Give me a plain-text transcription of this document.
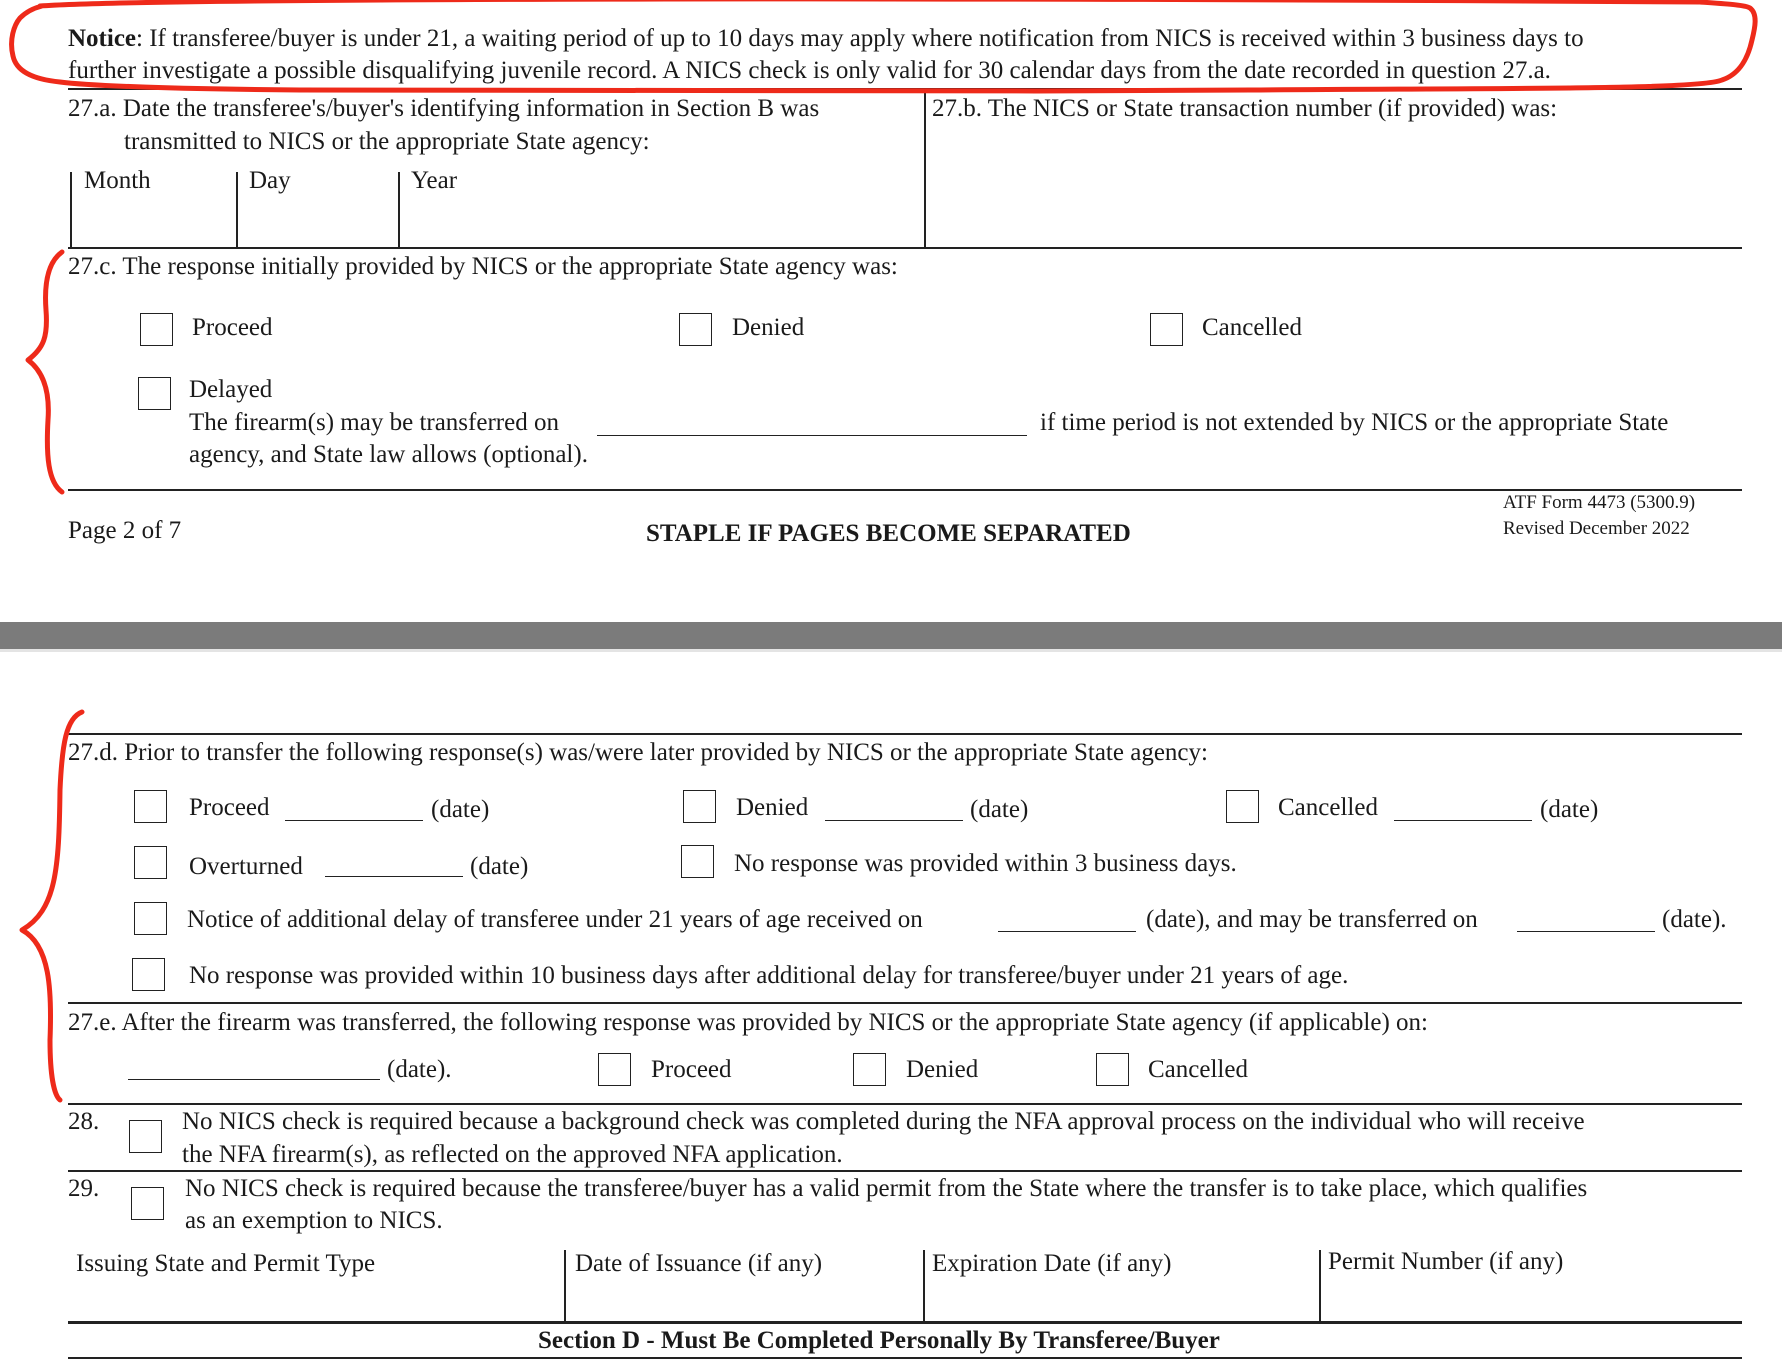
Notice: If transferee/buyer is under 21, a waiting period of up to 10 days may apply where notification from NICS is received within 3 business days to
further investigate a possible disqualifying juvenile record. A NICS check is only valid for 30 calendar days from the date recorded in question 27.a.
27.a. Date the transferee's/buyer's identifying information in Section B was
transmitted to NICS or the appropriate State agency:
27.b. The NICS or State transaction number (if provided) was:
Month	Day	Year
27.c. The response initially provided by NICS or the appropriate State agency was:
Proceed	Denied	Cancelled
Delayed
The firearm(s) may be transferred on	if time period is not extended by NICS or the appropriate State
agency, and State law allows (optional).
Page 2 of 7	STAPLE IF PAGES BECOME SEPARATED
ATF Form 4473 (5300.9)
Revised December 2022
27.d. Prior to transfer the following response(s) was/were later provided by NICS or the appropriate State agency:
Proceed	(date)	Denied	(date)	Cancelled	(date)
Overturned	(date)	No response was provided within 3 business days.
Notice of additional delay of transferee under 21 years of age received on	(date), and may be transferred on	(date).
No response was provided within 10 business days after additional delay for transferee/buyer under 21 years of age.
27.e. After the firearm was transferred, the following response was provided by NICS or the appropriate State agency (if applicable) on:
(date).	Proceed	Denied	Cancelled
28.	No NICS check is required because a background check was completed during the NFA approval process on the individual who will receive
the NFA firearm(s), as reflected on the approved NFA application.
29.	No NICS check is required because the transferee/buyer has a valid permit from the State where the transfer is to take place, which qualifies
as an exemption to NICS.
Issuing State and Permit Type	Date of Issuance (if any)	Expiration Date (if any)	Permit Number (if any)
Section D - Must Be Completed Personally By Transferee/Buyer
